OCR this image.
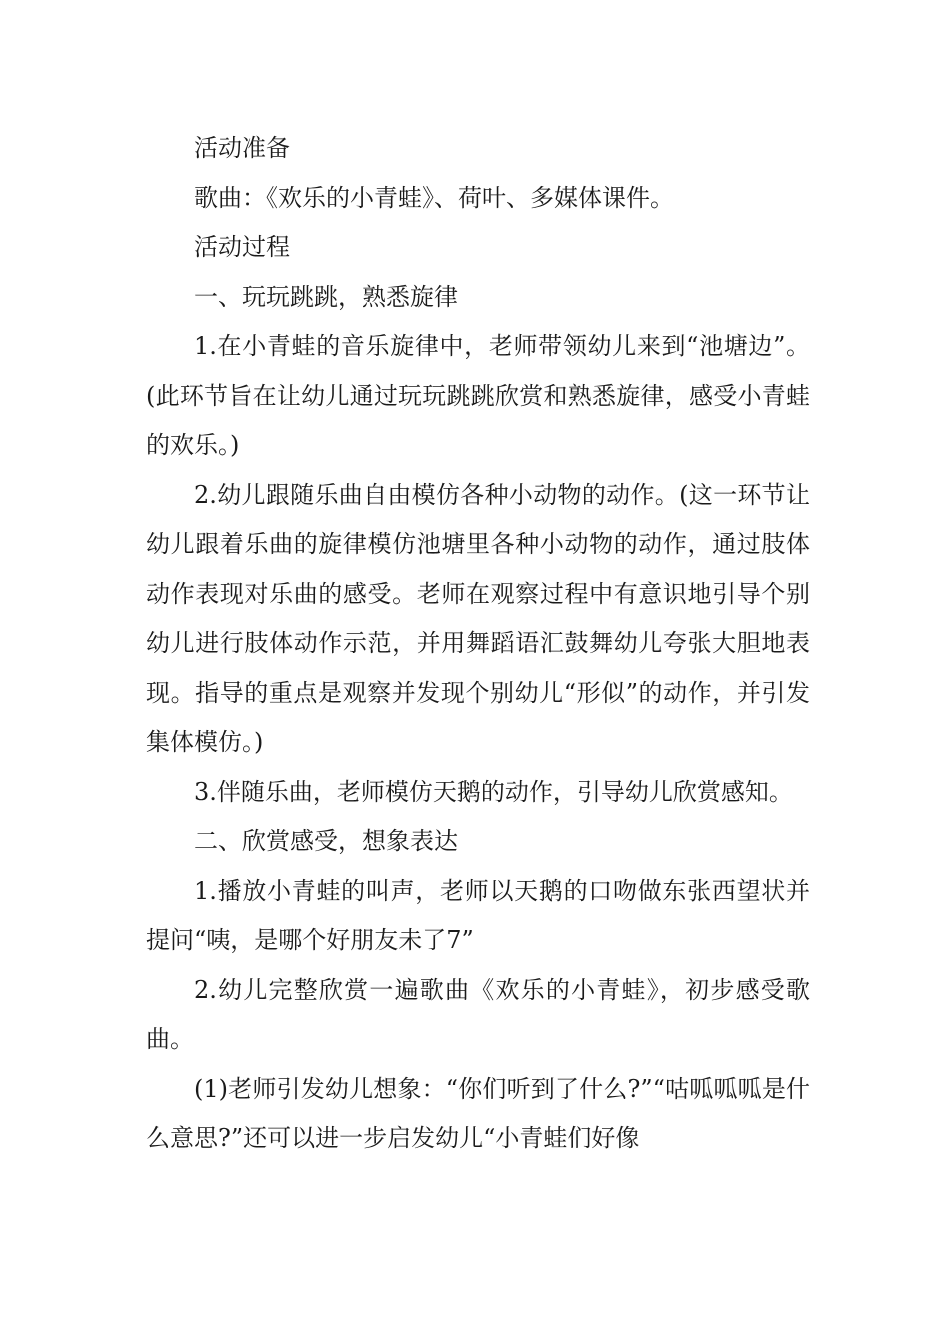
活动准备

歌曲：《欢乐的小青蛙》、荷叶、多媒体课件。

活动过程

一、玩玩跳跳，熟悉旋律

1.在小青蛙的音乐旋律中，老师带领幼儿来到“池塘边”。(此环节旨在让幼儿通过玩玩跳跳欣赏和熟悉旋律，感受小青蛙的欢乐。)

2.幼儿跟随乐曲自由模仿各种小动物的动作。(这一环节让幼儿跟着乐曲的旋律模仿池塘里各种小动物的动作，通过肢体动作表现对乐曲的感受。老师在观察过程中有意识地引导个别幼儿进行肢体动作示范，并用舞蹈语汇鼓舞幼儿夸张大胆地表现。指导的重点是观察并发现个别幼儿“形似”的动作，并引发集体模仿。)

3.伴随乐曲，老师模仿天鹅的动作，引导幼儿欣赏感知。

二、欣赏感受，想象表达

1.播放小青蛙的叫声，老师以天鹅的口吻做东张西望状并提问“咦，是哪个好朋友未了7”

2.幼儿完整欣赏一遍歌曲《欢乐的小青蛙》，初步感受歌曲。

(1)老师引发幼儿想象：“你们听到了什么?”“咕呱呱呱是什么意思?”还可以进一步启发幼儿“小青蛙们好像
